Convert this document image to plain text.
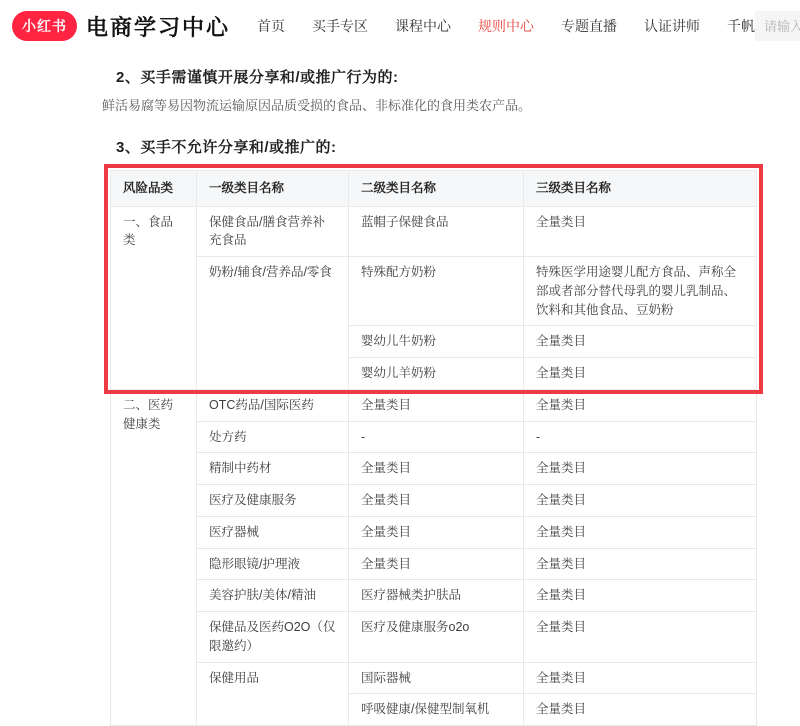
小红书 电商学习中心 首页 买手专区 课程中心 规则中心 专题直播 认证讲师 千帆
请输入关键字
2、买手需谨慎开展分享和/或推广行为的:

鲜活易腐等易因物流运输原因品质受损的食品、非标准化的食用类农产品。

3、买手不允许分享和/或推广的:
风险品类	一级类目名称	二级类目名称	三级类目名称
一、食品类	保健食品/膳食营养补充食品	蓝帽子保健食品	全量类目
	奶粉/辅食/营养品/零食	特殊配方奶粉	特殊医学用途婴儿配方食品、声称全部或者部分替代母乳的婴儿乳制品、饮料和其他食品、豆奶粉
		婴幼儿牛奶粉	全量类目
		婴幼儿羊奶粉	全量类目
二、医药健康类	OTC药品/国际医药	全量类目	全量类目
	处方药	-	-
	精制中药材	全量类目	全量类目
	医疗及健康服务	全量类目	全量类目
	医疗器械	全量类目	全量类目
	隐形眼镜/护理液	全量类目	全量类目
	美容护肤/美体/精油	医疗器械类护肤品	全量类目
	保健品及医药O2O（仅限邀约）	医疗及健康服务o2o	全量类目
	保健用品	国际器械	全量类目
		呼吸健康/保健型制氧机	全量类目
